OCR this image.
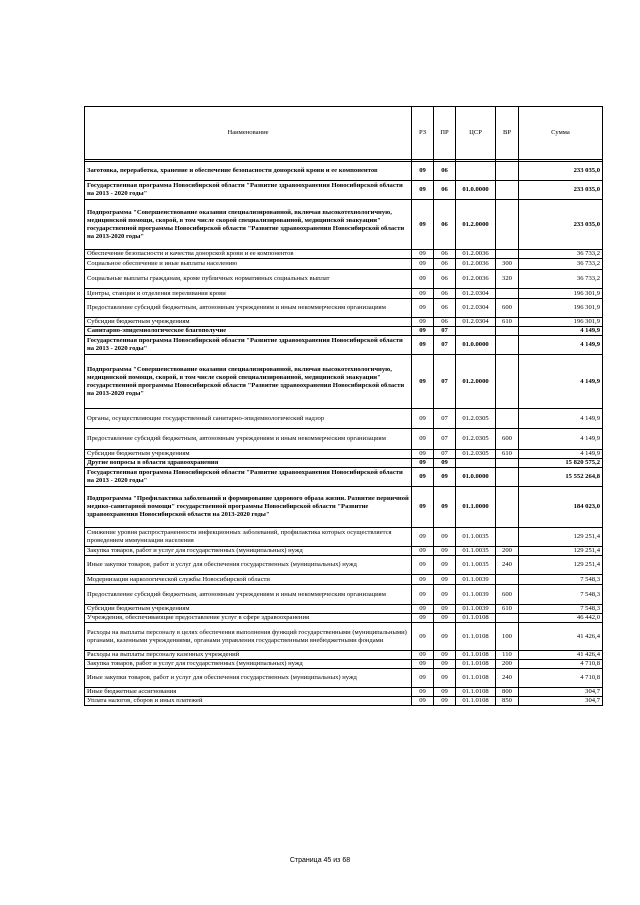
Наименование	РЗ	ПР	ЦСР	ВР	Сумма

Заготовка, переработка, хранение и обеспечение безопасности донорской крови и ее компонентов	09	06			233 035,0
Государственная программа Новосибирской области "Развитие здравоохранения Новосибирской области на 2013 - 2020 годы"	09	06	01.0.0000		233 035,0
Подпрограмма "Совершенствование оказания специализированной, включая высокотехнологичную, медицинской помощи, скорой, в том числе скорой специализированной, медицинской эвакуации" государственной программы Новосибирской области "Развитие здравоохранения Новосибирской области на 2013-2020 годы"	09	06	01.2.0000		233 035,0
Обеспечение безопасности и качества донорской крови и ее компонентов	09	06	01.2.0036		36 733,2
Социальное обеспечение и иные выплаты населению	09	06	01.2.0036	300	36 733,2
Социальные выплаты гражданам, кроме публичных нормативных социальных выплат	09	06	01.2.0036	320	36 733,2
Центры, станции и отделения переливания крови	09	06	01.2.0304		196 301,9
Предоставление субсидий бюджетным, автономным учреждениям и иным некоммерческим организациям	09	06	01.2.0304	600	196 301,9
Субсидии бюджетным учреждениям	09	06	01.2.0304	610	196 301,9
Санитарно-эпидемиологическое благополучие	09	07			4 149,9
Государственная программа Новосибирской области "Развитие здравоохранения Новосибирской области на 2013 - 2020 годы"	09	07	01.0.0000		4 149,9
Подпрограмма "Совершенствование оказания специализированной, включая высокотехнологичную, медицинской помощи, скорой, в том числе скорой специализированной, медицинской эвакуации" государственной программы Новосибирской области "Развитие здравоохранения Новосибирской области на 2013-2020 годы"	09	07	01.2.0000		4 149,9
Органы, осуществляющие государственный санитарно-эпидемиологический надзор	09	07	01.2.0305		4 149,9
Предоставление субсидий бюджетным, автономным учреждениям и иным некоммерческим организациям	09	07	01.2.0305	600	4 149,9
Субсидии бюджетным учреждениям	09	07	01.2.0305	610	4 149,9
Другие вопросы в области здравоохранения	09	09			15 820 575,2
Государственная программа Новосибирской области "Развитие здравоохранения Новосибирской области на 2013 - 2020 годы"	09	09	01.0.0000		15 552 264,8
Подпрограмма "Профилактика заболеваний и формирование здорового образа жизни. Развитие первичной медико-санитарной помощи" государственной программы Новосибирской области "Развитие здравоохранения Новосибирской области на 2013-2020 годы"	09	09	01.1.0000		184 023,0
Снижение уровня распространенности инфекционных заболеваний, профилактика которых осуществляется проведением иммунизации населения	09	09	01.1.0035		129 251,4
Закупка товаров, работ и услуг для государственных (муниципальных) нужд	09	09	01.1.0035	200	129 251,4
Иные закупки товаров, работ и услуг для обеспечения государственных (муниципальных) нужд	09	09	01.1.0035	240	129 251,4
Модернизация наркологической службы Новосибирской области	09	09	01.1.0039		7 548,3
Предоставление субсидий бюджетным, автономным учреждениям и иным некоммерческим организациям	09	09	01.1.0039	600	7 548,3
Субсидии бюджетным учреждениям	09	09	01.1.0039	610	7 548,3
Учреждения, обеспечивающие предоставление услуг в сфере здравоохранения	09	09	01.1.0108		46 442,0
Расходы на выплаты персоналу в целях обеспечения выполнения функций государственными (муниципальными) органами, казенными учреждениями, органами управления государственными внебюджетными фондами	09	09	01.1.0108	100	41 426,4
Расходы на выплаты персоналу казенных учреждений	09	09	01.1.0108	110	41 426,4
Закупка товаров, работ и услуг для государственных (муниципальных) нужд	09	09	01.1.0108	200	4 710,8
Иные закупки товаров, работ и услуг для обеспечения государственных (муниципальных) нужд	09	09	01.1.0108	240	4 710,8
Иные бюджетные ассигнования	09	09	01.1.0108	800	304,7
Уплата налогов, сборов и иных платежей	09	09	01.1.0108	850	304,7
Страница 45 из 68
